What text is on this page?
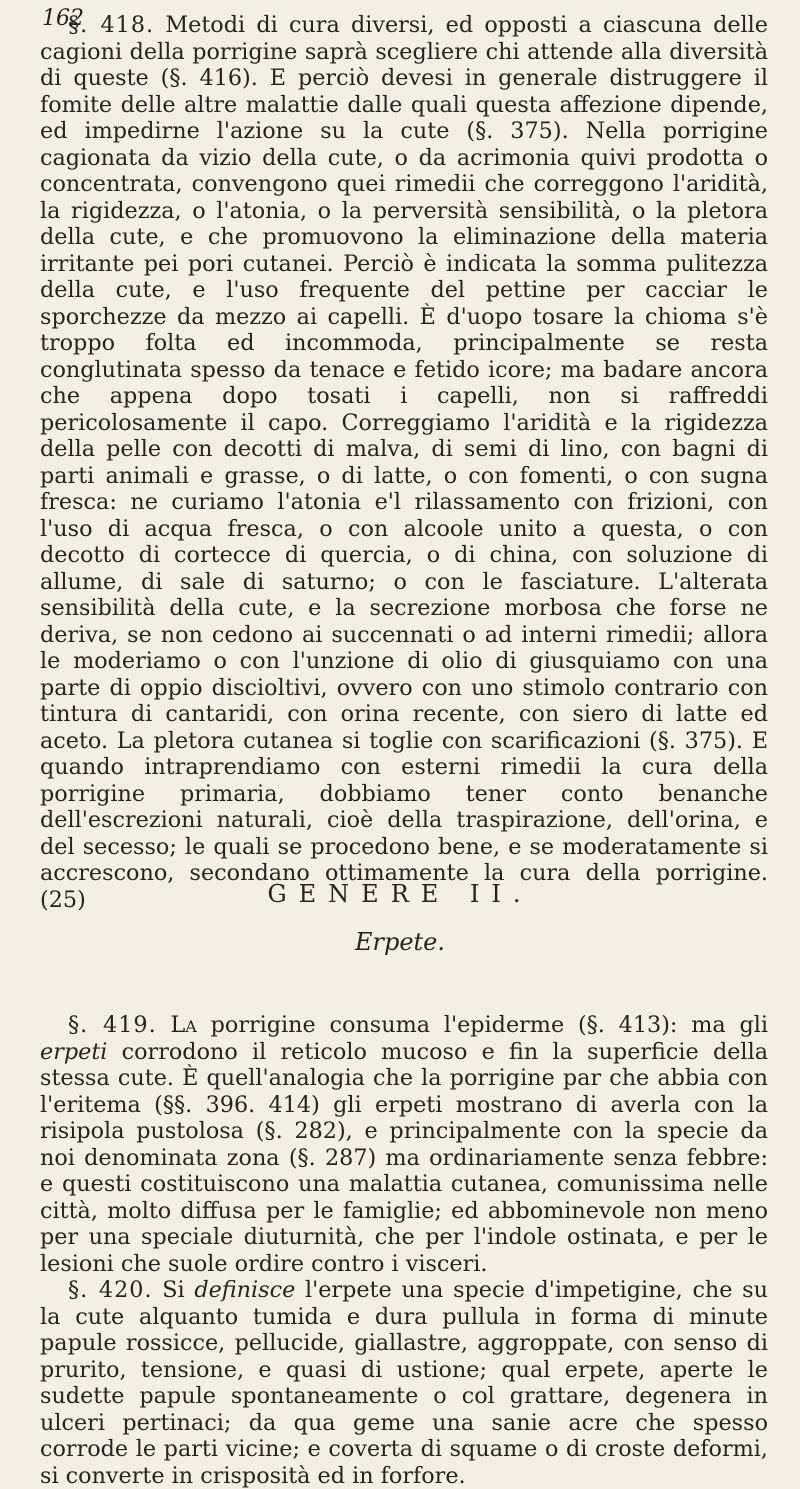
162

§. 418. Metodi di cura diversi, ed opposti a ciascuna delle cagioni della porrigine saprà scegliere chi attende alla diversità di queste (§. 416). E perciò devesi in generale distruggere il fomite delle altre malattie dalle quali questa affezione dipende, ed impedirne l'azione su la cute (§. 375). Nella porrigine cagionata da vizio della cute, o da acrimonia quivi prodotta o concentrata, convengono quei rimedii che correggono l'aridità, la rigidezza, o l'atonia, o la perversità sensibilità, o la pletora della cute, e che promuovono la eliminazione della materia irritante pei pori cutanei. Perciò è indicata la somma pulitezza della cute, e l'uso frequente del pettine per cacciar le sporchezze da mezzo ai capelli. È d'uopo tosare la chioma s'è troppo folta ed incommoda, principalmente se resta conglutinata spesso da tenace e fetido icore; ma badare ancora che appena dopo tosati i capelli, non si raffreddi pericolosamente il capo. Correggiamo l'aridità e la rigidezza della pelle con decotti di malva, di semi di lino, con bagni di parti animali e grasse, o di latte, o con fomenti, o con sugna fresca: ne curiamo l'atonia e'l rilassamento con frizioni, con l'uso di acqua fresca, o con alcoole unito a questa, o con decotto di cortecce di quercia, o di china, con soluzione di allume, di sale di saturno; o con le fasciature. L'alterata sensibilità della cute, e la secrezione morbosa che forse ne deriva, se non cedono ai succennati o ad interni rimedii; allora le moderiamo o con l'unzione di olio di giusquiamo con una parte di oppio discioltivi, ovvero con uno stimolo contrario con tintura di cantaridi, con orina recente, con siero di latte ed aceto. La pletora cutanea si toglie con scarificazioni (§. 375). E quando intraprendiamo con esterni rimedii la cura della porrigine primaria, dobbiamo tener conto benanche dell'escrezioni naturali, cioè della traspirazione, dell'orina, e del secesso; le quali se procedono bene, e se moderatamente si accrescono, secondano ottimamente la cura della porrigine. (25)	GENERE II.
Erpete.

§. 419. La porrigine consuma l'epiderme (§. 413): ma gli erpeti corrodono il reticolo mucoso e fin la superficie della stessa cute. È quell'analogia che la porrigine par che abbia con l'eritema (§§. 396. 414) gli erpeti mostrano di averla con la risipola pustolosa (§. 282), e principalmente con la specie da noi denominata zona (§. 287) ma ordinariamente senza febbre: e questi costituiscono una malattia cutanea, comunissima nelle città, molto diffusa per le famiglie; ed abbominevole non meno per una speciale diuturnità, che per l'indole ostinata, e per le lesioni che suole ordire contro i visceri.

§. 420. Si definisce l'erpete una specie d'impetigine, che su la cute alquanto tumida e dura pullula in forma di minute papule rossicce, pellucide, giallastre, aggroppate, con senso di prurito, tensione, e quasi di ustione; qual erpete, aperte le sudette papule spontaneamente o col grattare, degenera in ulceri pertinaci; da qua geme una sanie acre che spesso corrode le parti vicine; e coverta di squame o di croste deformi, si converte in crisposità ed in forforе.
